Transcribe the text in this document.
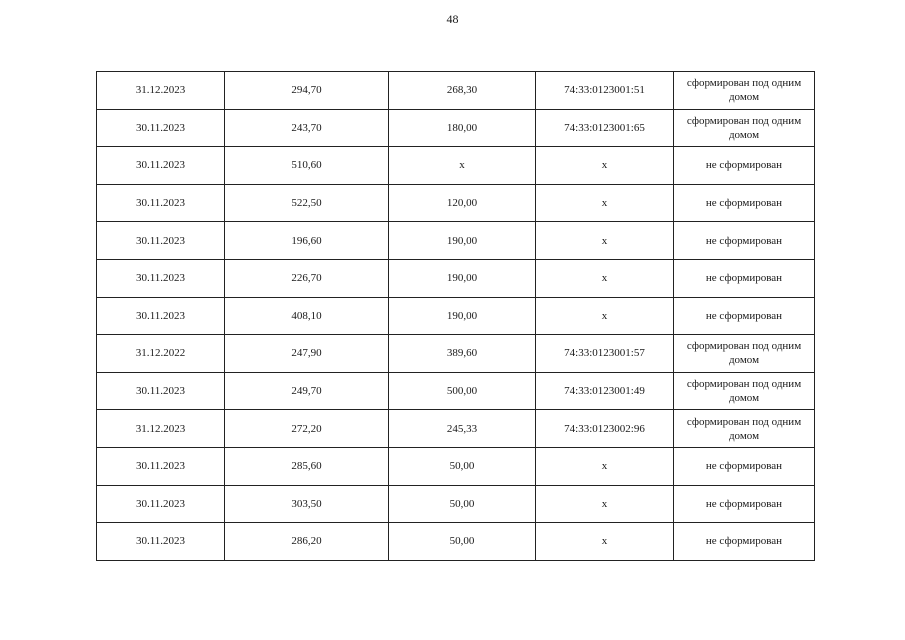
48
31.12.2023	294,70	268,30	74:33:0123001:51	сформирован под одним домом
30.11.2023	243,70	180,00	74:33:0123001:65	сформирован под одним домом
30.11.2023	510,60	х	х	не сформирован
30.11.2023	522,50	120,00	х	не сформирован
30.11.2023	196,60	190,00	х	не сформирован
30.11.2023	226,70	190,00	х	не сформирован
30.11.2023	408,10	190,00	х	не сформирован
31.12.2022	247,90	389,60	74:33:0123001:57	сформирован под одним домом
30.11.2023	249,70	500,00	74:33:0123001:49	сформирован под одним домом
31.12.2023	272,20	245,33	74:33:0123002:96	сформирован под одним домом
30.11.2023	285,60	50,00	х	не сформирован
30.11.2023	303,50	50,00	х	не сформирован
30.11.2023	286,20	50,00	х	не сформирован
